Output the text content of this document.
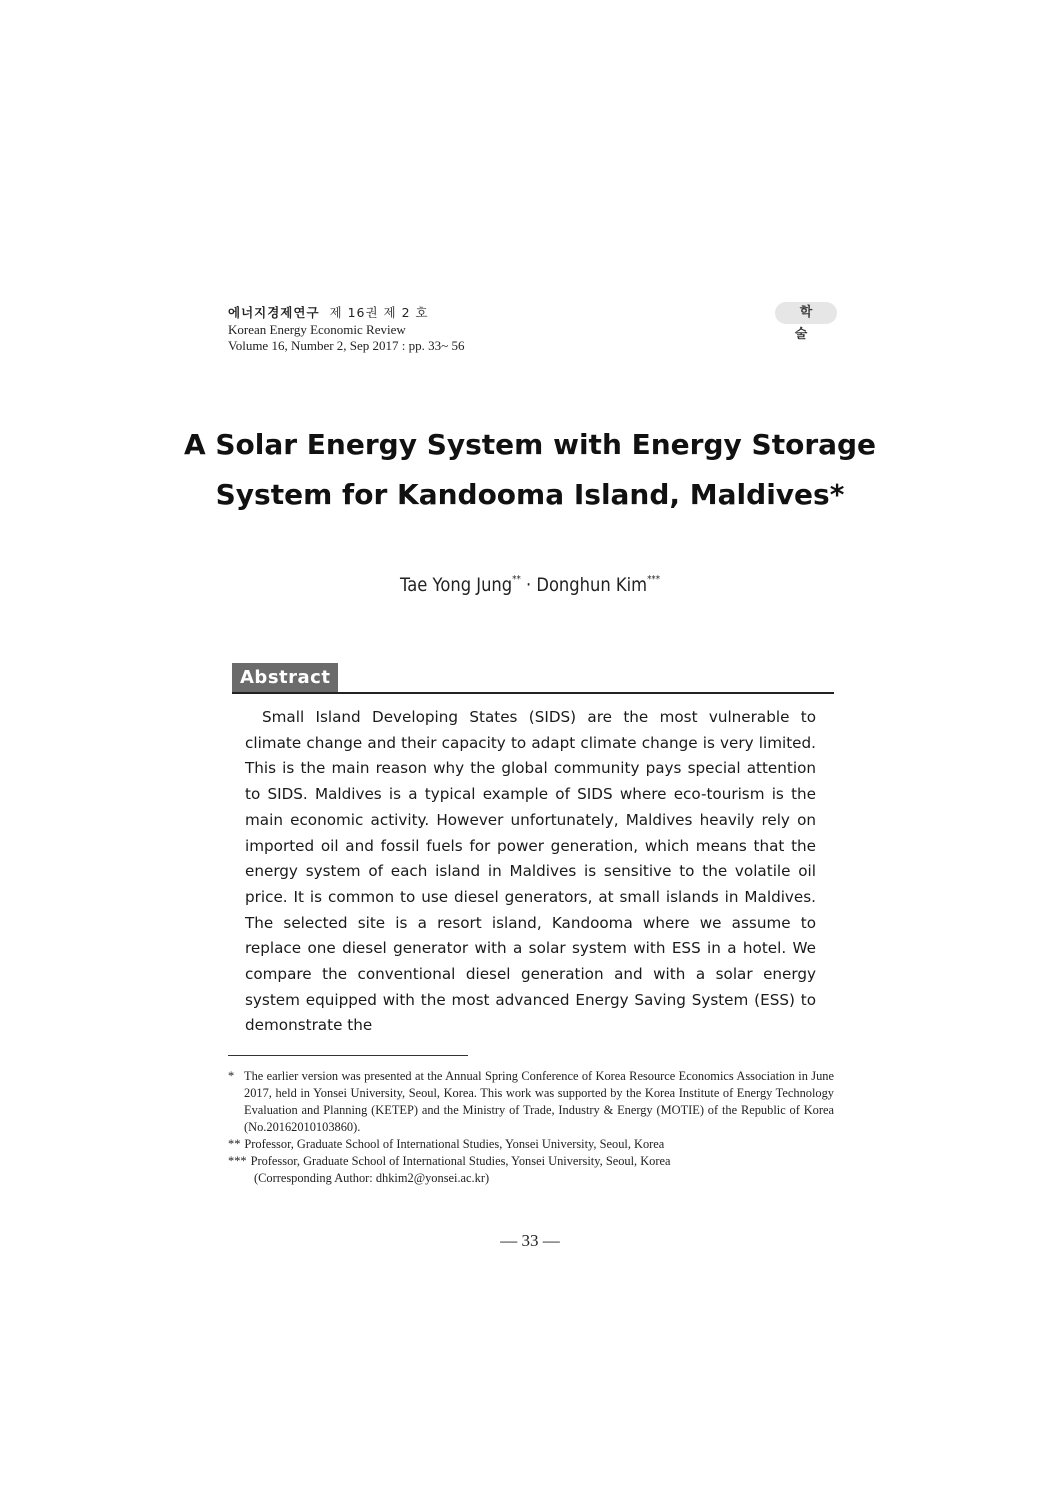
에너지경제연구 제 16권 제 2 호
Korean Energy Economic Review
Volume 16, Number 2, Sep 2017 : pp. 33~ 56
학 술
A Solar Energy System with Energy Storage
System for Kandooma Island, Maldives*
Tae Yong Jung** · Donghun Kim***
Abstract

Small Island Developing States (SIDS) are the most vulnerable to climate change and their capacity to adapt climate change is very limited. This is the main reason why the global community pays special attention to SIDS. Maldives is a typical example of SIDS where eco-tourism is the main economic activity. However unfortunately, Maldives heavily rely on imported oil and fossil fuels for power generation, which means that the energy system of each island in Maldives is sensitive to the volatile oil price. It is common to use diesel generators, at small islands in Maldives. The selected site is a resort island, Kandooma where we assume to replace one diesel generator with a solar system with ESS in a hotel. We compare the conventional diesel generation and with a solar energy system equipped with the most advanced Energy Saving System (ESS) to demonstrate the

* The earlier version was presented at the Annual Spring Conference of Korea Resource Economics Association in June 2017, held in Yonsei University, Seoul, Korea. This work was supported by the Korea Institute of Energy Technology Evaluation and Planning (KETEP) and the Ministry of Trade, Industry & Energy (MOTIE) of the Republic of Korea (No.20162010103860).
** Professor, Graduate School of International Studies, Yonsei University, Seoul, Korea
*** Professor, Graduate School of International Studies, Yonsei University, Seoul, Korea
(Corresponding Author: dhkim2@yonsei.ac.kr)
— 33 —
